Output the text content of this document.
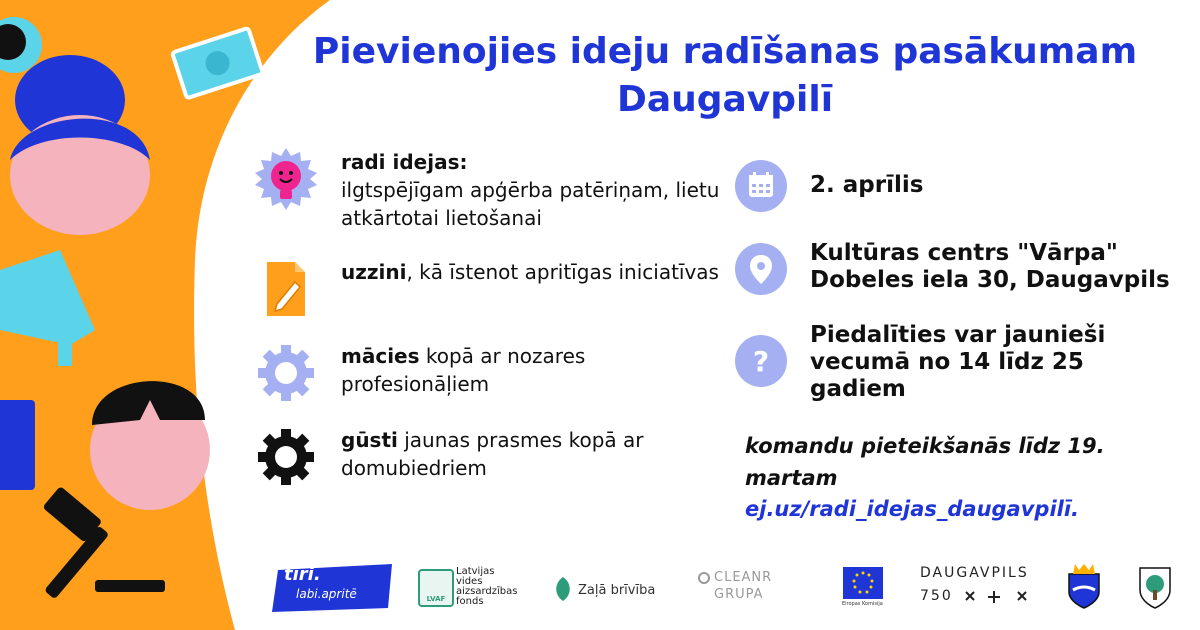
Pievienojies ideju radīšanas pasākumam
Daugavpilī
radi idejas:
ilgtspējīgam apģērba patēriņam, lietu atkārtotai lietošanai
uzzini, kā īstenot apritīgas iniciatīvas
mācies kopā ar nozares profesionāļiem
gūsti jaunas prasmes kopā ar domubiedriem
2. aprīlis
Kultūras centrs "Vārpa"
Dobeles iela 30, Daugavpils
?
Piedalīties var jaunieši
vecumā no 14 līdz 25
gadiem
komandu pieteikšanās līdz 19. martam
ej.uz/radi_idejas_daugavpilī.
tīri.
labi.apritē	LVAF
Latvijas
vides
aizsardzības
fonds
Zaļā brīvība
CLEANR
GRUPA
Eiropas Komisija
DAUGAVPILS
750
